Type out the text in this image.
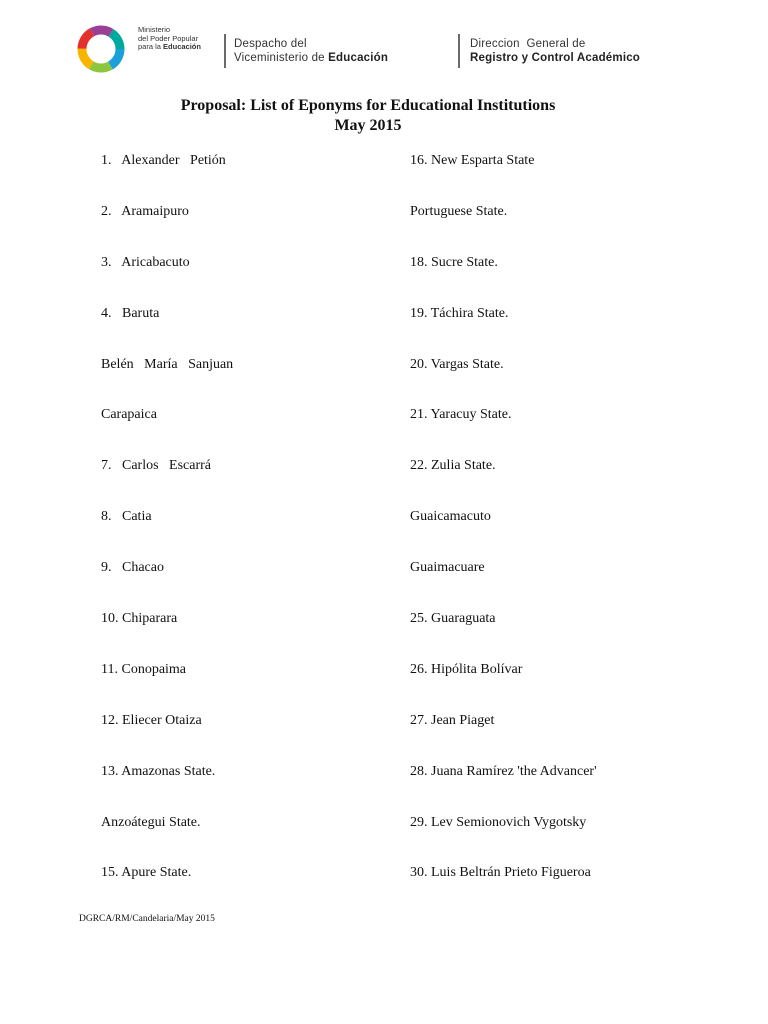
Ministerio
del Poder Popular
para la Educación	Despacho del
Viceministerio de Educación
Direccion  General de
Registro y Control Académico
Proposal: List of Eponyms for Educational Institutions
May 2015
1.   Alexander   Petión
2.   Aramaipuro
3.   Aricabacuto
4.   Baruta
Belén   María   Sanjuan
Carapaica
7.   Carlos   Escarrá
8.   Catia
9.   Chacao
10. Chiparara
11. Conopaima
12. Eliecer Otaiza
13. Amazonas State.
Anzoátegui State.
15. Apure State.
16. New Esparta State
Portuguese State.
18. Sucre State.
19. Táchira State.
20. Vargas State.
21. Yaracuy State.
22. Zulia State.
Guaicamacuto
Guaimacuare
25. Guaraguata
26. Hipólita Bolívar
27. Jean Piaget
28. Juana Ramírez 'the Advancer'
29. Lev Semionovich Vygotsky
30. Luis Beltrán Prieto Figueroa
DGRCA/RM/Candelaria/May 2015
